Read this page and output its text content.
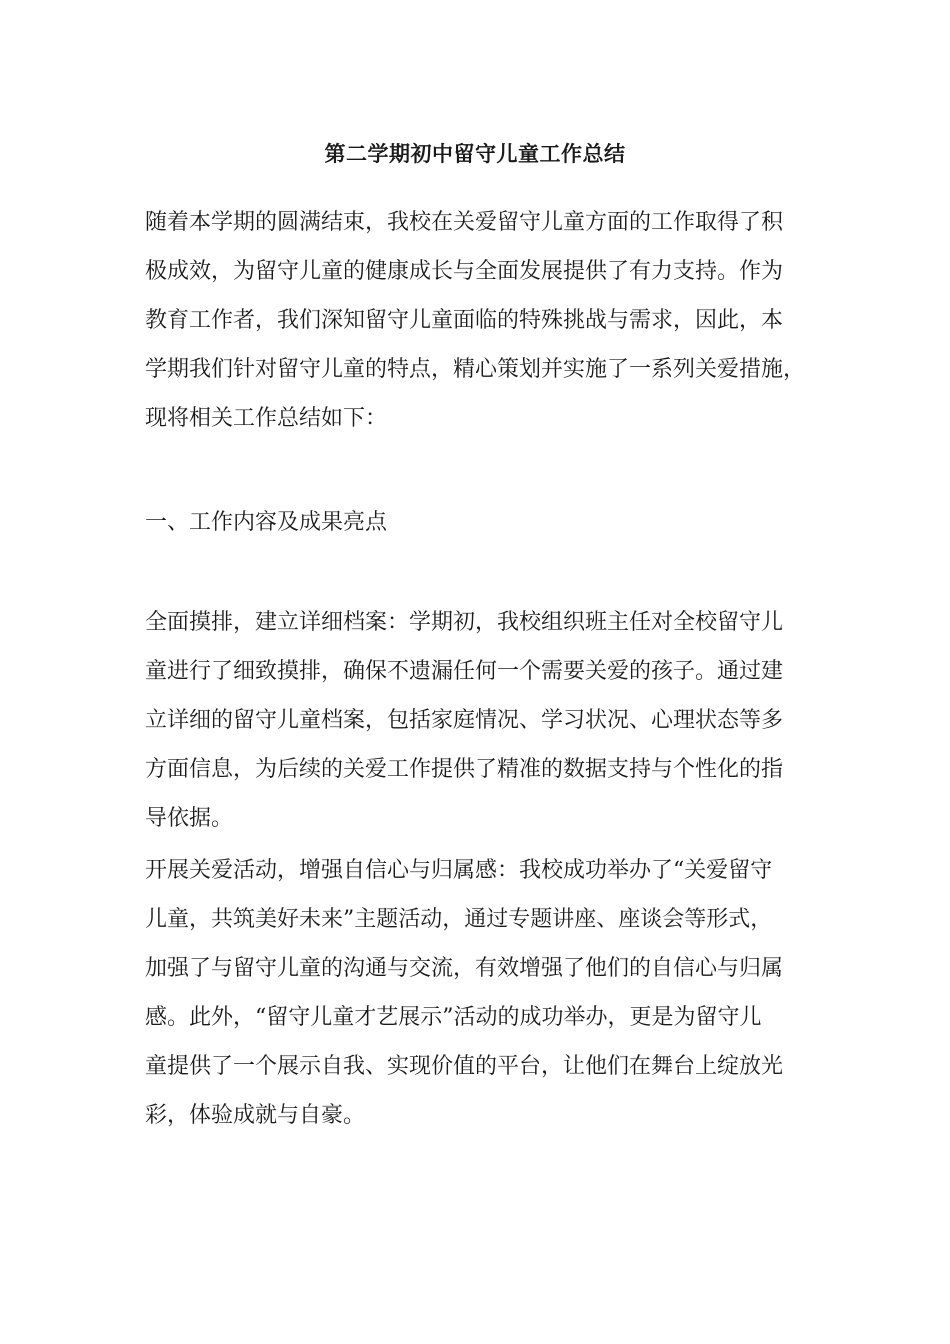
第二学期初中留守儿童工作总结
随着本学期的圆满结束，我校在关爱留守儿童方面的工作取得了积
极成效，为留守儿童的健康成长与全面发展提供了有力支持。作为
教育工作者，我们深知留守儿童面临的特殊挑战与需求，因此，本
学期我们针对留守儿童的特点，精心策划并实施了一系列关爱措施，
现将相关工作总结如下：
一、工作内容及成果亮点
全面摸排，建立详细档案：学期初，我校组织班主任对全校留守儿
童进行了细致摸排，确保不遗漏任何一个需要关爱的孩子。通过建
立详细的留守儿童档案，包括家庭情况、学习状况、心理状态等多
方面信息，为后续的关爱工作提供了精准的数据支持与个性化的指
导依据。
开展关爱活动，增强自信心与归属感：我校成功举办了“关爱留守
儿童，共筑美好未来”主题活动，通过专题讲座、座谈会等形式，
加强了与留守儿童的沟通与交流，有效增强了他们的自信心与归属
感。此外，“留守儿童才艺展示”活动的成功举办，更是为留守儿
童提供了一个展示自我、实现价值的平台，让他们在舞台上绽放光
彩，体验成就与自豪。
